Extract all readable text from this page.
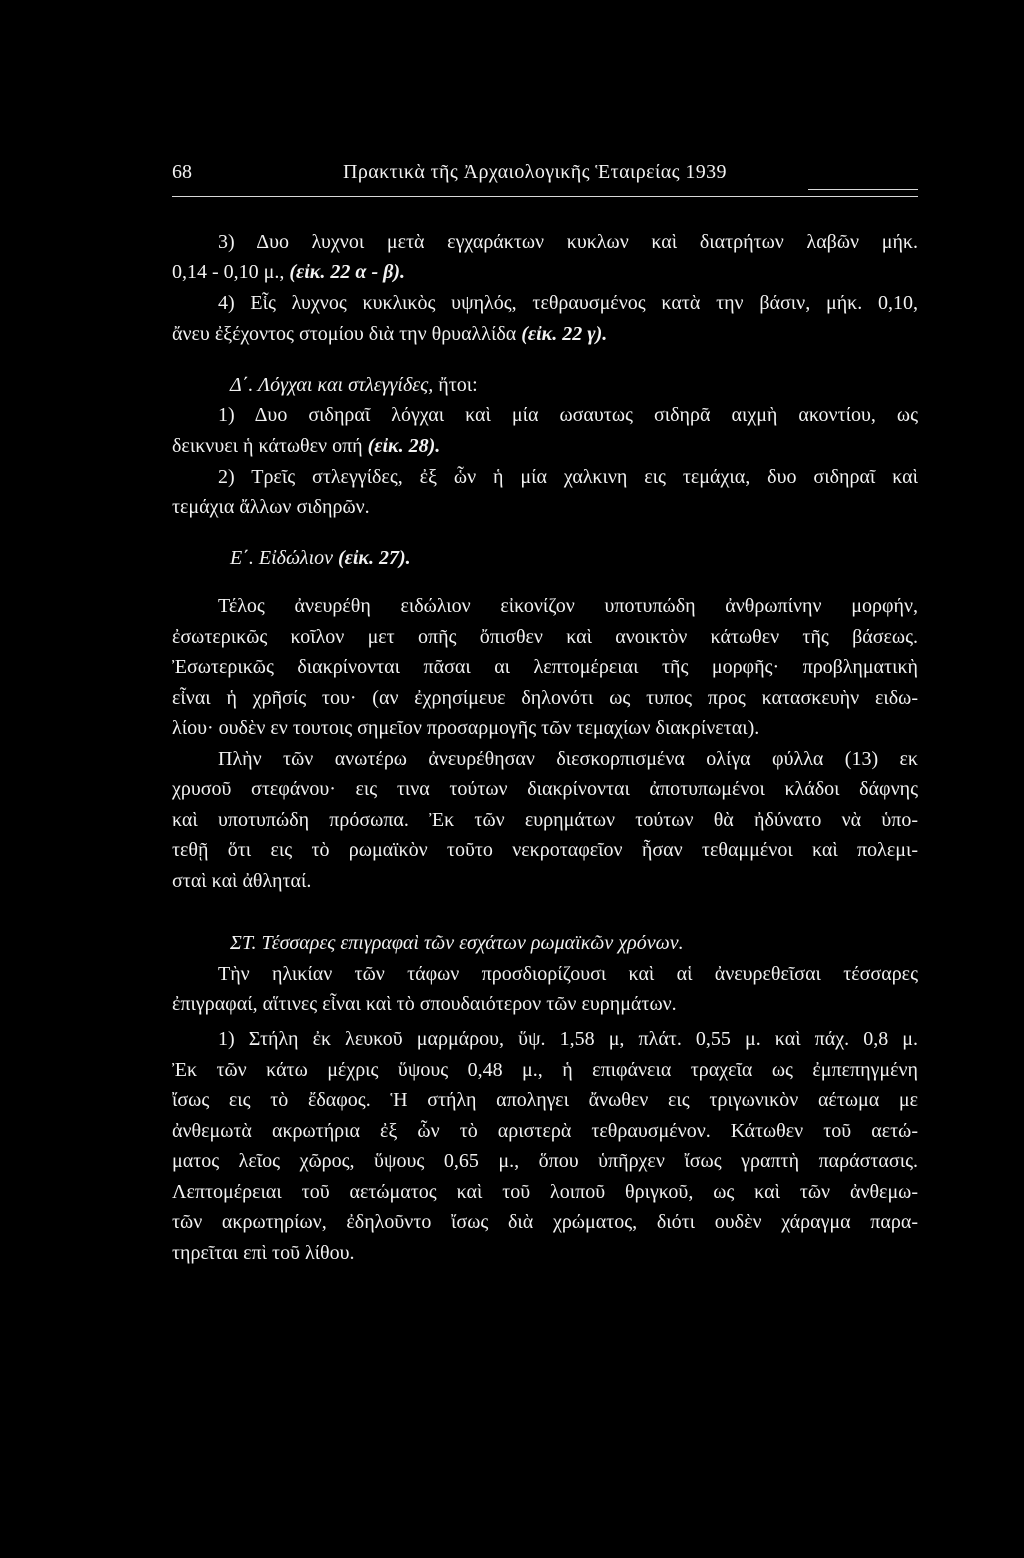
68	Πρακτικὰ τῆς Ἀρχαιολογικῆς Ἑταιρείας 1939
3) Δυο λυχνοι μετὰ εγχαράκτων κυκλων καὶ διατρήτων λαβῶν μήκ.
0,14 - 0,10 μ., (εἰκ. 22 α - β).
4) Εἷς λυχνος κυκλικὸς υψηλός, τεθραυσμένος κατὰ την βάσιν, μήκ. 0,10,
ἄνευ ἐξέχοντος στομίου διὰ την θρυαλλίδα (εἰκ. 22 γ).
Δ΄. Λόγχαι και στλεγγίδες, ἤτοι:
1) Δυο σιδηραῖ λόγχαι καὶ μία ωσαυτως σιδηρᾶ αιχμὴ ακοντίου, ως
δεικνυει ἡ κάτωθεν οπή (εἰκ. 28).
2) Τρεῖς στλεγγίδες, ἐξ ὧν ἡ μία χαλκινη εις τεμάχια, δυο σιδηραῖ καὶ
τεμάχια ἄλλων σιδηρῶν.
Ε΄. Εἰδώλιον (εἰκ. 27).
Τέλος ἀνευρέθη ειδώλιον εἰκονίζον υποτυπώδη ἀνθρωπίνην μορφήν,
ἐσωτερικῶς κοῖλον μετ οπῆς ὄπισθεν καὶ ανοικτὸν κάτωθεν τῆς βάσεως.
Ἐσωτερικῶς διακρίνονται πᾶσαι αι λεπτομέρειαι τῆς μορφῆς· προβληματικὴ
εἶναι ἡ χρῆσίς του· (αν ἐχρησίμευε δηλονότι ως τυπος προς κατασκευὴν ειδω-
λίου· ουδὲν εν τουτοις σημεῖον προσαρμογῆς τῶν τεμαχίων διακρίνεται).
Πλὴν τῶν ανωτέρω ἀνευρέθησαν διεσκορπισμένα ολίγα φύλλα (13) εκ
χρυσοῦ στεφάνου· εις τινα τούτων διακρίνονται ἀποτυπωμένοι κλάδοι δάφνης
καὶ υποτυπώδη πρόσωπα. Ἐκ τῶν ευρημάτων τούτων θὰ ἠδύνατο νὰ ὑπο-
τεθῇ ὅτι εις τὸ ρωμαϊκὸν τοῦτο νεκροταφεῖον ἦσαν τεθαμμένοι καὶ πολεμι-
σταὶ καὶ ἀθληταί.
ΣΤ. Τέσσαρες επιγραφαὶ τῶν εσχάτων ρωμαϊκῶν χρόνων.
Τὴν ηλικίαν τῶν τάφων προσδιορίζουσι καὶ αἱ ἀνευρεθεῖσαι τέσσαρες
ἐπιγραφαί, αἵτινες εἶναι καὶ τὸ σπουδαιότερον τῶν ευρημάτων.
1) Στήλη ἐκ λευκοῦ μαρμάρου, ὕψ. 1,58 μ, πλάτ. 0,55 μ. καὶ πάχ. 0,8 μ.
Ἐκ τῶν κάτω μέχρις ὕψους 0,48 μ., ἡ επιφάνεια τραχεῖα ως ἐμπεπηγμένη
ἴσως εις τὸ ἔδαφος. Ἡ στήλη αποληγει ἄνωθεν εις τριγωνικὸν αέτωμα με
ἀνθεμωτὰ ακρωτήρια ἐξ ὧν τὸ αριστερὰ τεθραυσμένον. Κάτωθεν τοῦ αετώ-
ματος λεῖος χῶρος, ὕψους 0,65 μ., ὅπου ὑπῆρχεν ἴσως γραπτὴ παράστασις.
Λεπτομέρειαι τοῦ αετώματος καὶ τοῦ λοιποῦ θριγκοῦ, ως καὶ τῶν ἀνθεμω-
τῶν ακρωτηρίων, ἐδηλοῦντο ἴσως διὰ χρώματος, διότι ουδὲν χάραγμα παρα-
τηρεῖται επὶ τοῦ λίθου.
